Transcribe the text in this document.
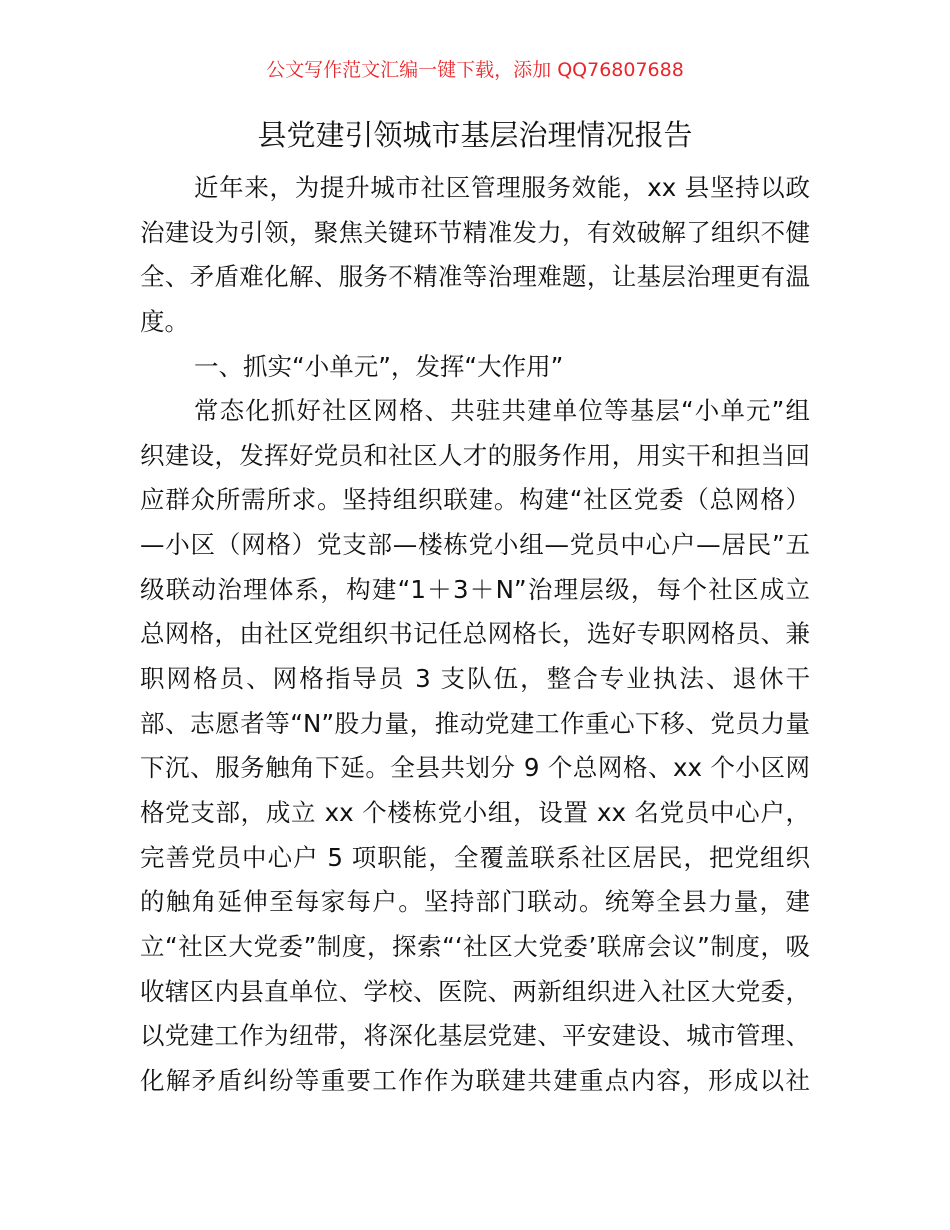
公文写作范文汇编一键下载，添加 QQ76807688
县党建引领城市基层治理情况报告
近年来，为提升城市社区管理服务效能，xx 县坚持以政
治建设为引领，聚焦关键环节精准发力，有效破解了组织不健
全、矛盾难化解、服务不精准等治理难题，让基层治理更有温
度。
一、抓实“小单元”，发挥“大作用”
常态化抓好社区网格、共驻共建单位等基层“小单元”组
织建设，发挥好党员和社区人才的服务作用，用实干和担当回
应群众所需所求。坚持组织联建。构建“社区党委（总网格）
—小区（网格）党支部—楼栋党小组—党员中心户—居民”五
级联动治理体系，构建“1＋3＋N”治理层级，每个社区成立
总网格，由社区党组织书记任总网格长，选好专职网格员、兼
职网格员、网格指导员 3 支队伍，整合专业执法、退休干
部、志愿者等“N”股力量，推动党建工作重心下移、党员力量
下沉、服务触角下延。全县共划分 9 个总网格、xx 个小区网
格党支部，成立 xx 个楼栋党小组，设置 xx 名党员中心户，
完善党员中心户 5 项职能，全覆盖联系社区居民，把党组织
的触角延伸至每家每户。坚持部门联动。统筹全县力量，建
立“社区大党委”制度，探索“‘社区大党委’联席会议”制度，吸
收辖区内县直单位、学校、医院、两新组织进入社区大党委，
以党建工作为纽带，将深化基层党建、平安建设、城市管理、
化解矛盾纠纷等重要工作作为联建共建重点内容，形成以社
